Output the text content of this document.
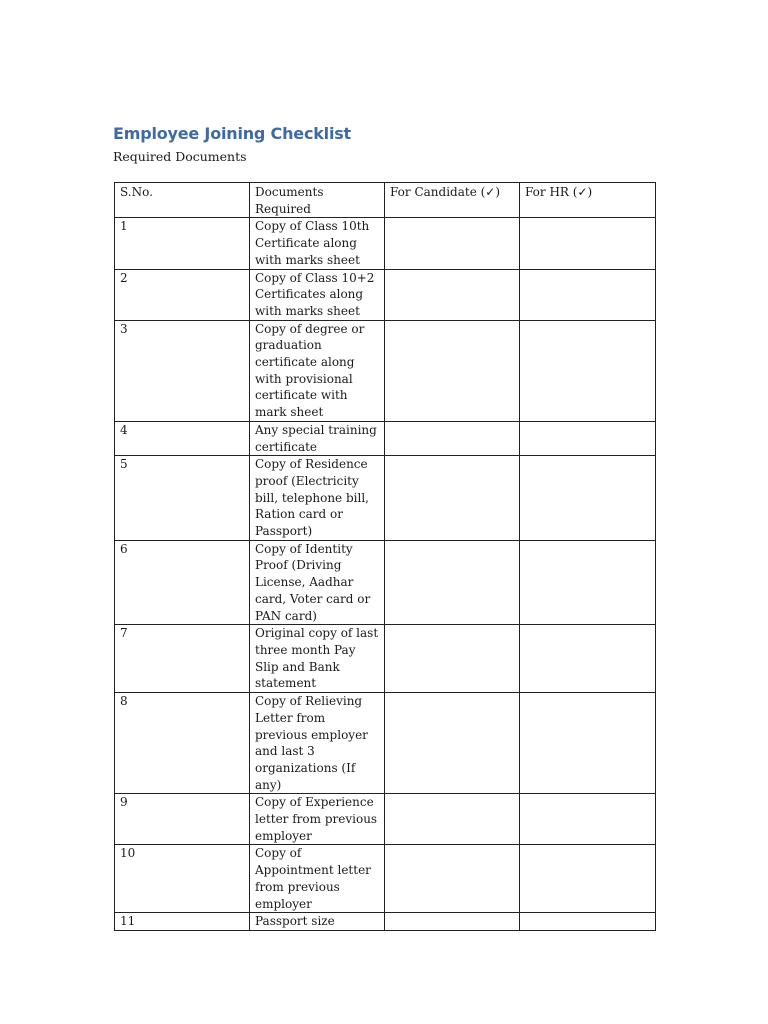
Employee Joining Checklist
Required Documents
S.No.	Documents Required	For Candidate (✓)	For HR (✓)
1	Copy of Class 10th Certificate along with marks sheet		
2	Copy of Class 10+2 Certificates along with marks sheet		
3	Copy of degree or graduation certificate along with provisional certificate with mark sheet		
4	Any special training certificate		
5	Copy of Residence proof (Electricity bill, telephone bill, Ration card or Passport)		
6	Copy of Identity Proof (Driving License, Aadhar card, Voter card or PAN card)		
7	Original copy of last three month Pay Slip and Bank statement		
8	Copy of Relieving Letter from previous employer and last 3 organizations (If any)		
9	Copy of Experience letter from previous employer		
10	Copy of Appointment letter from previous employer		
11	Passport size		
